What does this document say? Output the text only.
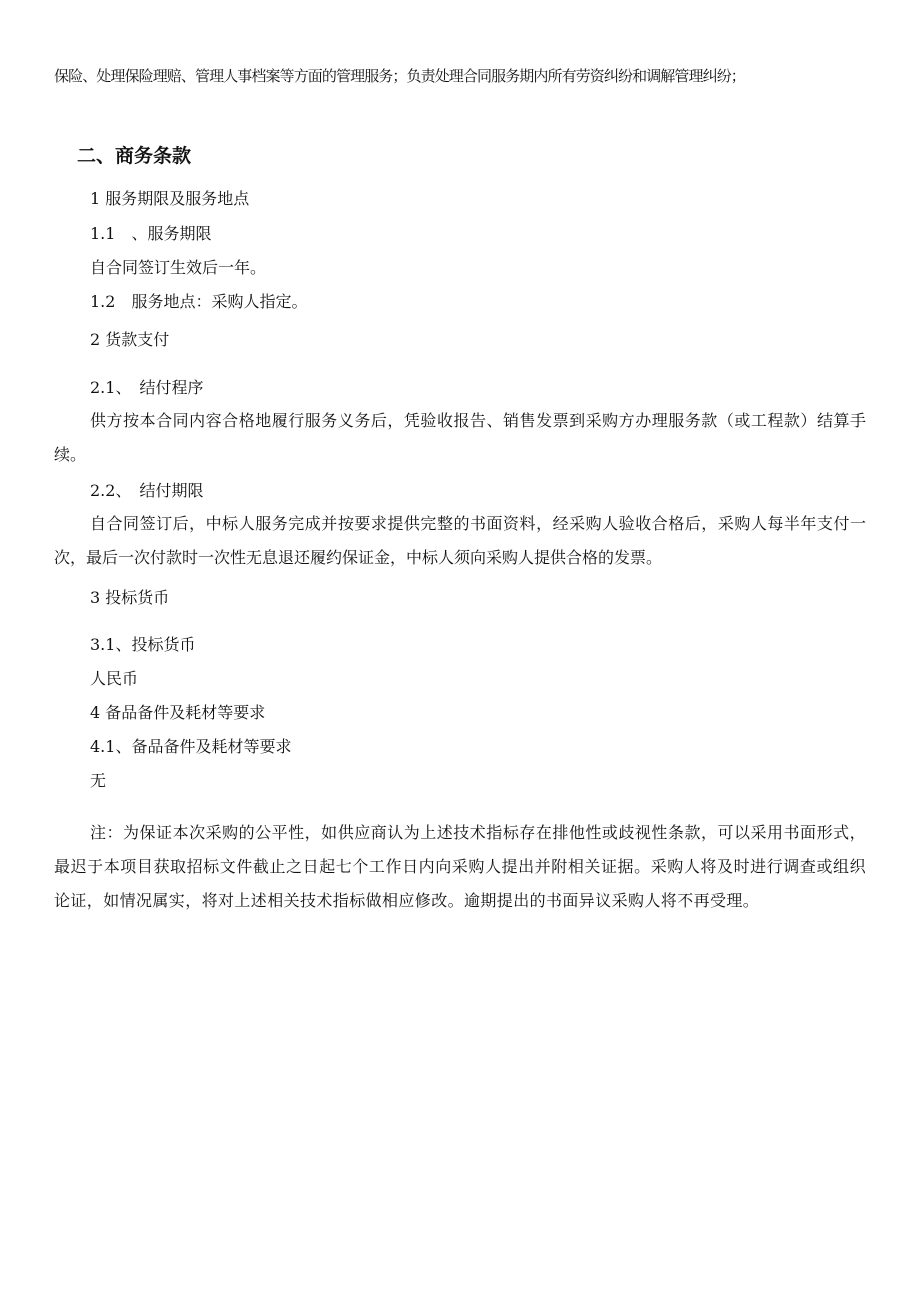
保险、处理保险理赔、管理人事档案等方面的管理服务；负责处理合同服务期内所有劳资纠纷和调解管理纠纷；
二、商务条款
1 服务期限及服务地点
1.1　、服务期限
自合同签订生效后一年。
1.2　服务地点：采购人指定。
2 货款支付
2.1、　结付程序
供方按本合同内容合格地履行服务义务后，凭验收报告、销售发票到采购方办理服务款（或工程款）结算手续。
2.2、　结付期限
自合同签订后，中标人服务完成并按要求提供完整的书面资料，经采购人验收合格后，采购人每半年支付一次，最后一次付款时一次性无息退还履约保证金，中标人须向采购人提供合格的发票。
3 投标货币
3.1、投标货币
人民币
4 备品备件及耗材等要求
4.1、备品备件及耗材等要求
无
注：为保证本次采购的公平性，如供应商认为上述技术指标存在排他性或歧视性条款，可以采用书面形式，最迟于本项目获取招标文件截止之日起七个工作日内向采购人提出并附相关证据。采购人将及时进行调查或组织论证，如情况属实，将对上述相关技术指标做相应修改。逾期提出的书面异议采购人将不再受理。
